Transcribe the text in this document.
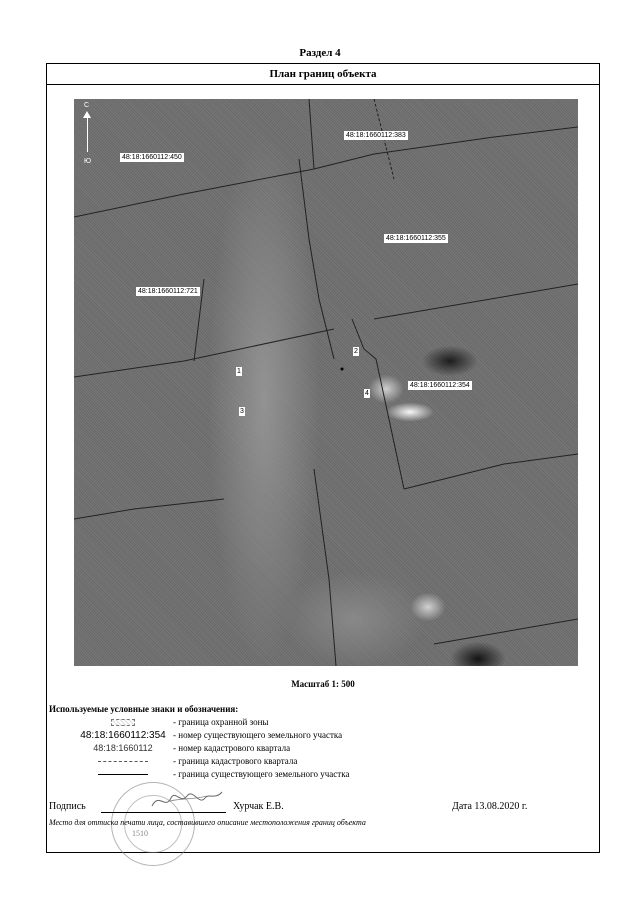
Раздел 4
План границ объекта
48:18:1660112:383
48:18:1660112:450
48:18:1660112:355
48:18:1660112:721
48:18:1660112:354
2
1
3
4
С
Ю
Масштаб 1: 500
Используемые условные знаки и обозначения:
- граница охранной зоны
48:18:1660112:354 - номер существующего земельного участка
48:18:1660112	- номер кадастрового квартала
- граница кадастрового квартала
- граница существующего земельного участка
1510
Подпись	Хурчак Е.В.	Дата 13.08.2020 г.
Место для оттиска печати лица, составившего описание местоположения границ объекта
